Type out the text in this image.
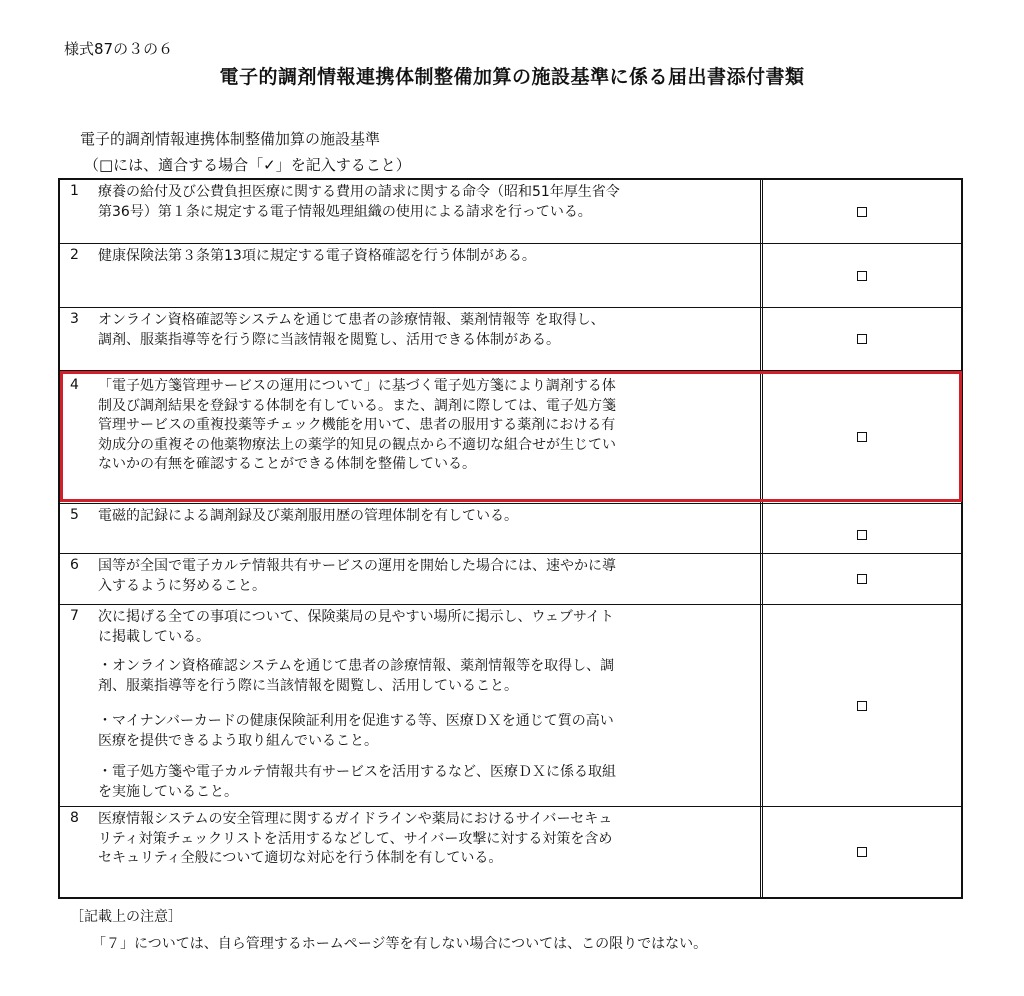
様式87の３の６
電子的調剤情報連携体制整備加算の施設基準に係る届出書添付書類
電子的調剤情報連携体制整備加算の施設基準
（□には、適合する場合「✓」を記入すること）
1 療養の給付及び公費負担医療に関する費用の請求に関する命令（昭和51年厚生省令

第36号）第１条に規定する電子情報処理組織の使用による請求を行っている。

2 健康保険法第３条第13項に規定する電子資格確認を行う体制がある。

3 オンライン資格確認等システムを通じて患者の診療情報、薬剤情報等 を取得し、

調剤、服薬指導等を行う際に当該情報を閲覧し、活用できる体制がある。

4 「電子処方箋管理サービスの運用について」に基づく電子処方箋により調剤する体

制及び調剤結果を登録する体制を有している。また、調剤に際しては、電子処方箋

管理サービスの重複投薬等チェック機能を用いて、患者の服用する薬剤における有

効成分の重複その他薬物療法上の薬学的知見の観点から不適切な組合せが生じてい

ないかの有無を確認することができる体制を整備している。

5 電磁的記録による調剤録及び薬剤服用歴の管理体制を有している。

6 国等が全国で電子カルテ情報共有サービスの運用を開始した場合には、速やかに導

入するように努めること。

7 次に掲げる全ての事項について、保険薬局の見やすい場所に掲示し、ウェブサイト

に掲載している。

・オンライン資格確認システムを通じて患者の診療情報、薬剤情報等を取得し、調

剤、服薬指導等を行う際に当該情報を閲覧し、活用していること。

・マイナンバーカードの健康保険証利用を促進する等、医療ＤＸを通じて質の高い

医療を提供できるよう取り組んでいること。

・電子処方箋や電子カルテ情報共有サービスを活用するなど、医療ＤＸに係る取組

を実施していること。

8 医療情報システムの安全管理に関するガイドラインや薬局におけるサイバーセキュ

リティ対策チェックリストを活用するなどして、サイバー攻撃に対する対策を含め

セキュリティ全般について適切な対応を行う体制を有している。

［記載上の注意］
「７」については、自ら管理するホームページ等を有しない場合については、この限りではない。
